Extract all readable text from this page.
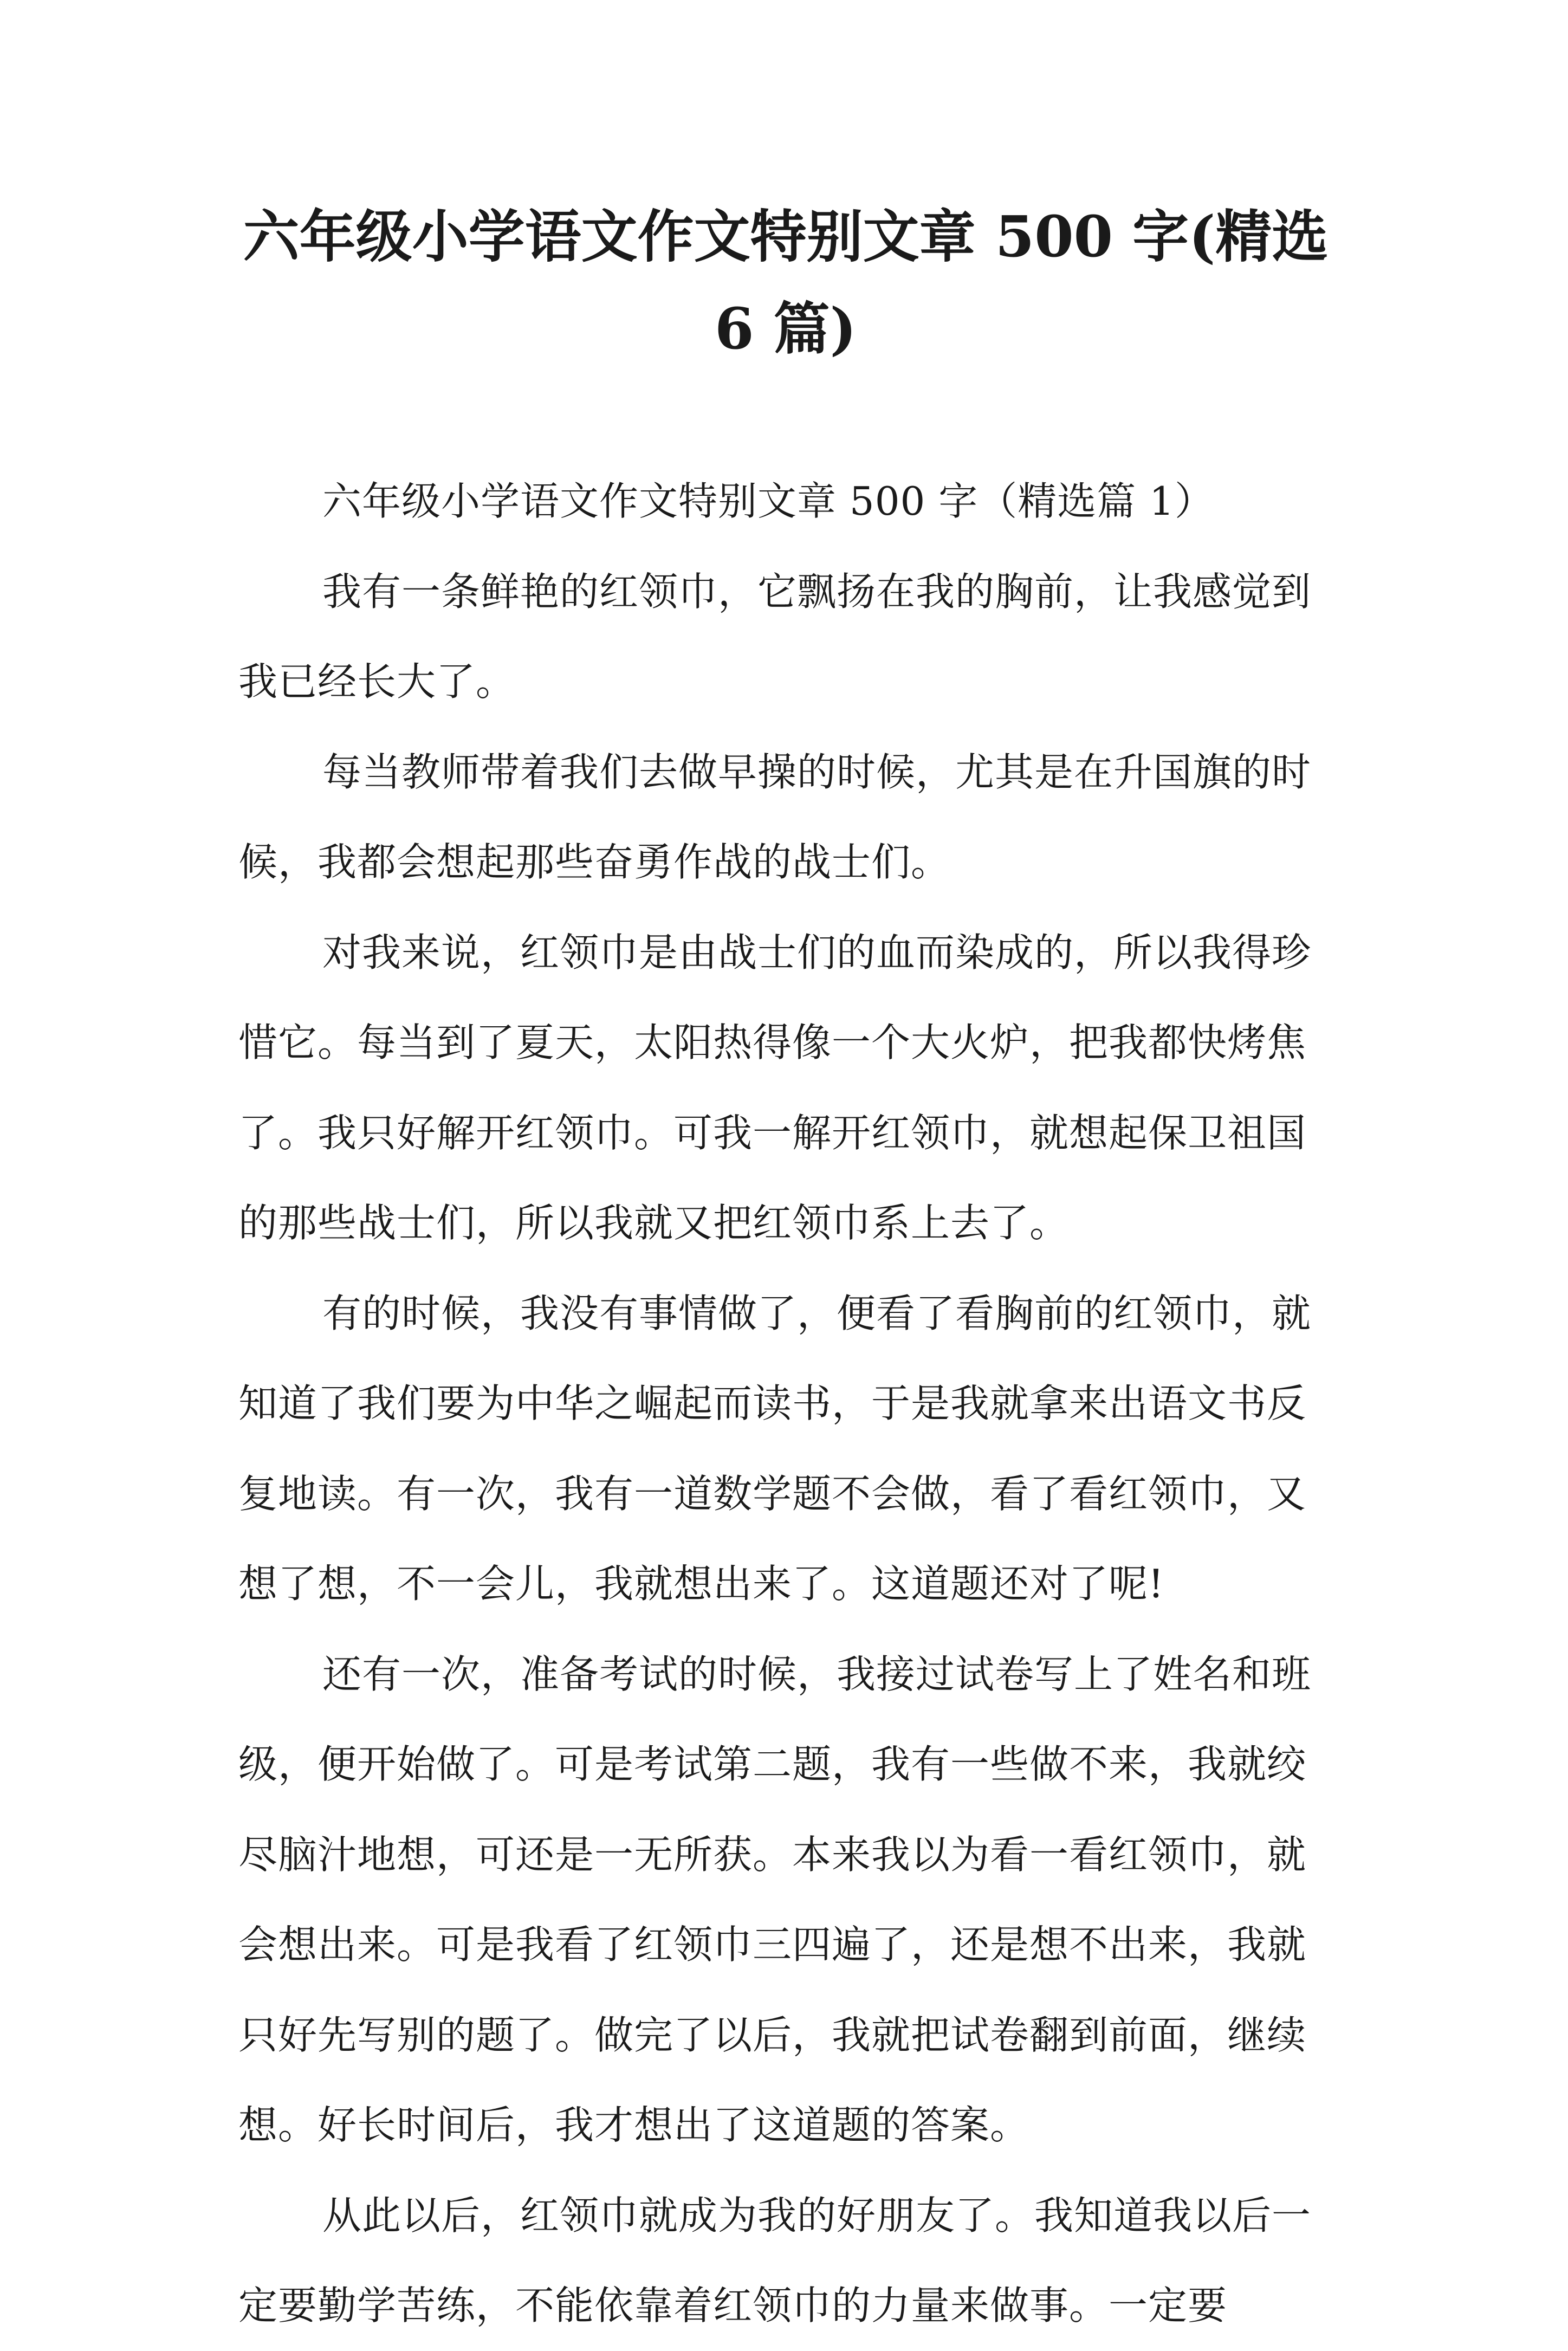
六年级小学语文作文特别文章 500 字(精选
6 篇)

六年级小学语文作文特别文章 500 字（精选篇 1）

我有一条鲜艳的红领巾，它飘扬在我的胸前，让我感觉到我已经长大了。

每当教师带着我们去做早操的时候，尤其是在升国旗的时候，我都会想起那些奋勇作战的战士们。

对我来说，红领巾是由战士们的血而染成的，所以我得珍惜它。每当到了夏天，太阳热得像一个大火炉，把我都快烤焦了。我只好解开红领巾。可我一解开红领巾，就想起保卫祖国的那些战士们，所以我就又把红领巾系上去了。

有的时候，我没有事情做了，便看了看胸前的红领巾，就知道了我们要为中华之崛起而读书，于是我就拿来出语文书反复地读。有一次，我有一道数学题不会做，看了看红领巾，又想了想，不一会儿，我就想出来了。这道题还对了呢!

还有一次，准备考试的时候，我接过试卷写上了姓名和班级，便开始做了。可是考试第二题，我有一些做不来，我就绞尽脑汁地想，可还是一无所获。本来我以为看一看红领巾，就会想出来。可是我看了红领巾三四遍了，还是想不出来，我就只好先写别的题了。做完了以后，我就把试卷翻到前面，继续想。好长时间后，我才想出了这道题的答案。

从此以后，红领巾就成为我的好朋友了。我知道我以后一定要勤学苦练，不能依靠着红领巾的力量来做事。一定要
